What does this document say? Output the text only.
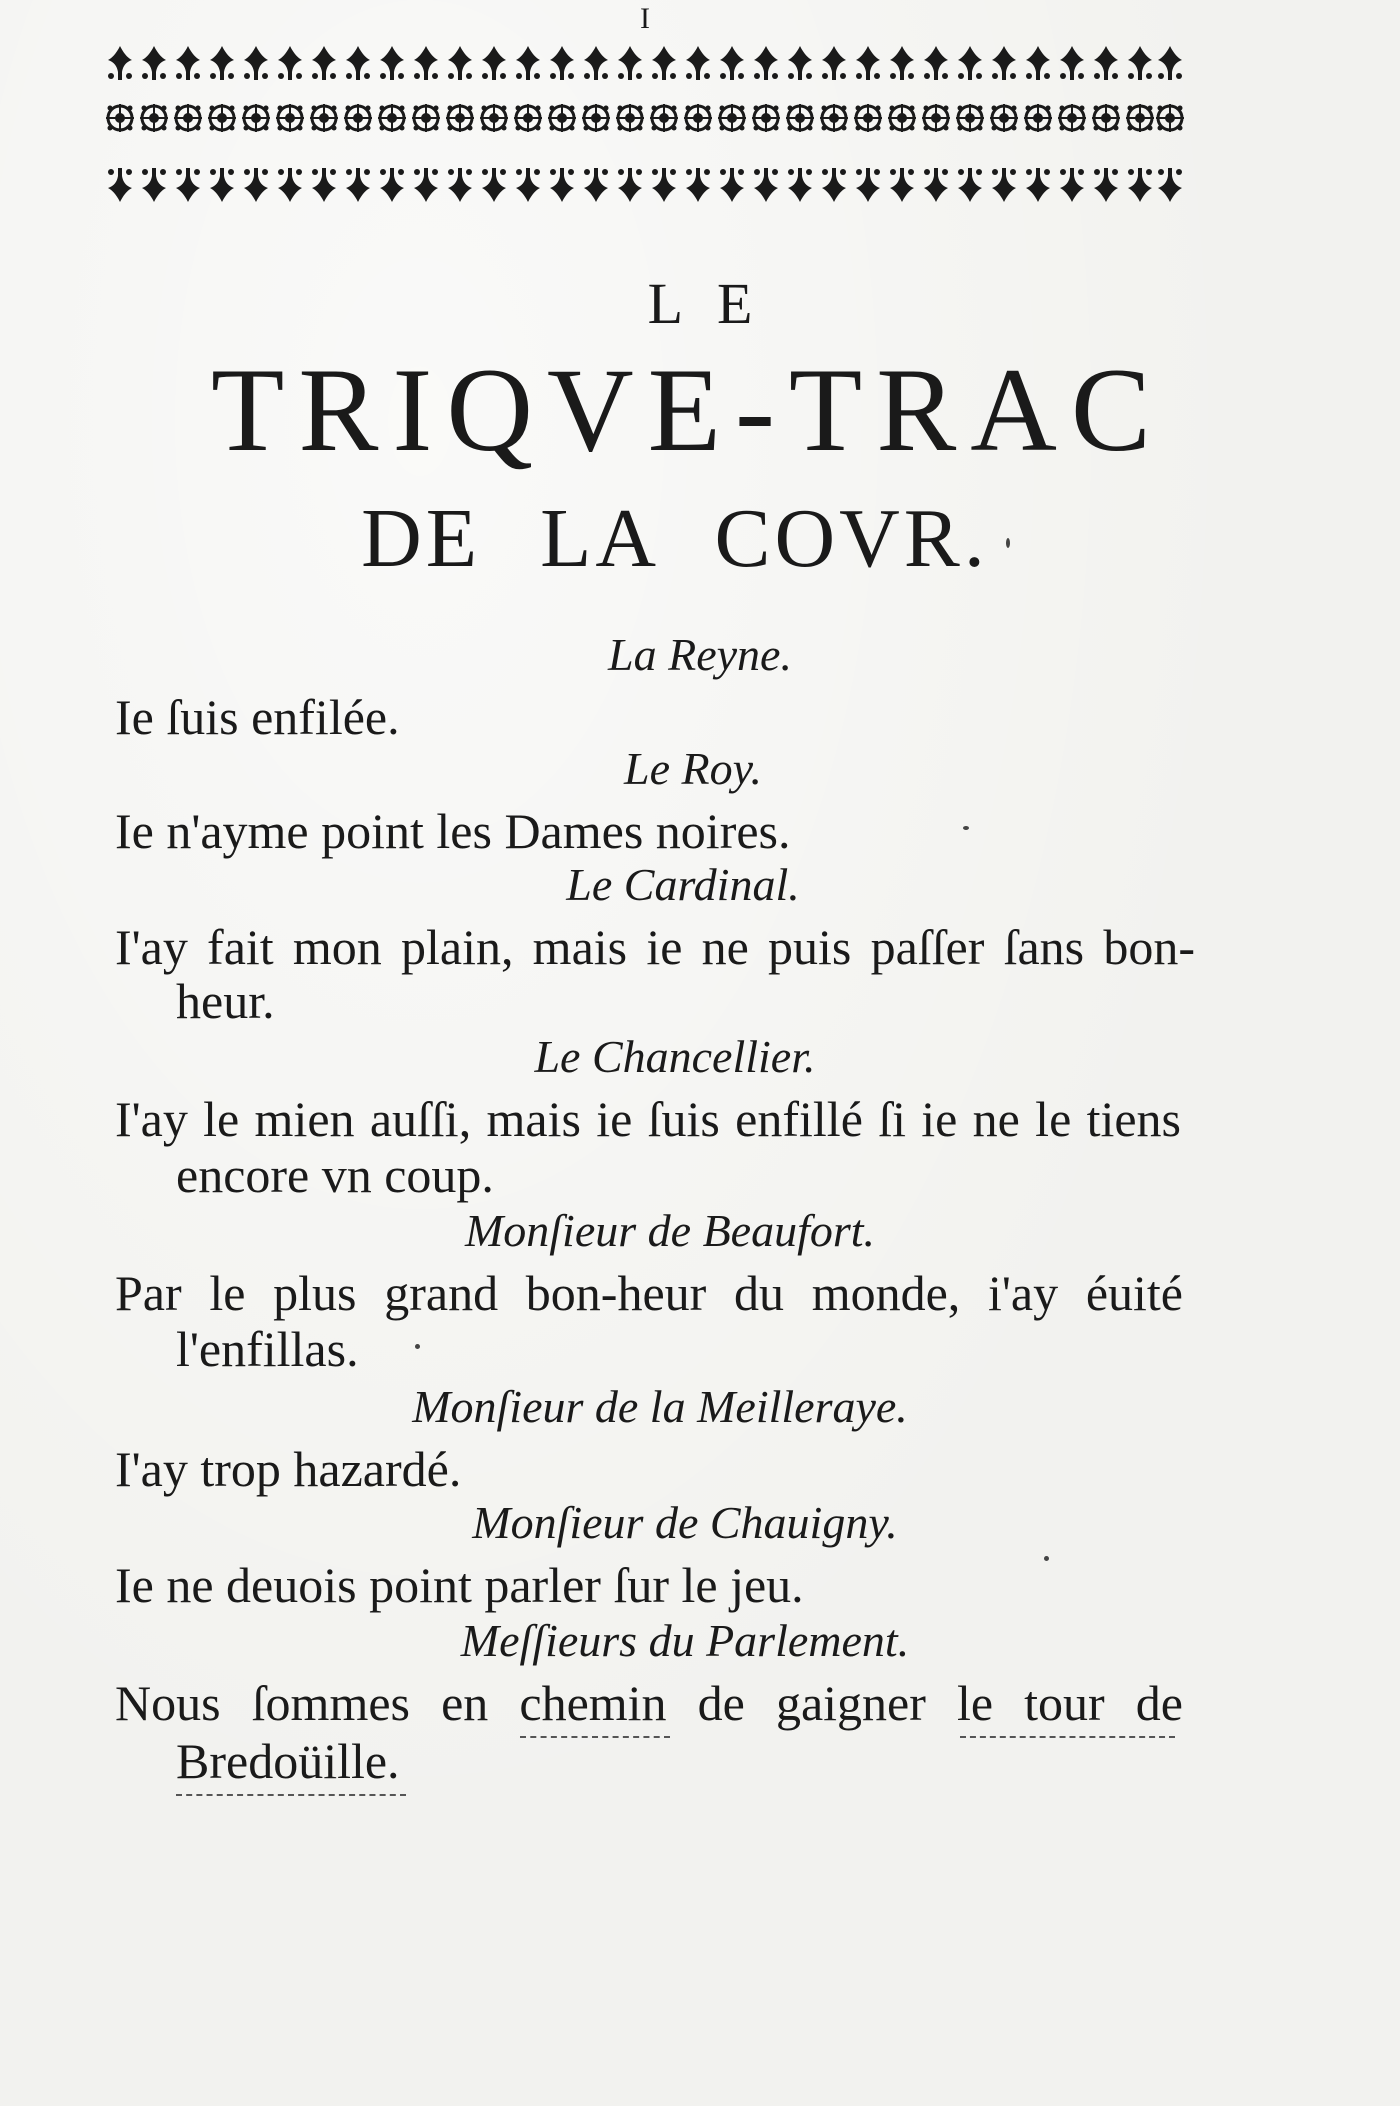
I
LE
TRIQVE-TRAC
DE LA COVR.
La Reyne.
Ie ſuis enfilée.
Le Roy.
Ie n'ayme point les Dames noires.
Le Cardinal.
I'ay fait mon plain, mais ie ne puis paſſer ſans bon-
heur.
Le Chancellier.
I'ay le mien auſſi, mais ie ſuis enfillé ſi ie ne le tiens
encore vn coup.
Monſieur de Beaufort.
Par le plus grand bon-heur du monde, i'ay éuité
l'enfillas.
Monſieur de la Meilleraye.
I'ay trop hazardé.
Monſieur de Chauigny.
Ie ne deuois point parler ſur le jeu.
Meſſieurs du Parlement.
Nous ſommes en chemin de gaigner le tour de
Bredoüille.
